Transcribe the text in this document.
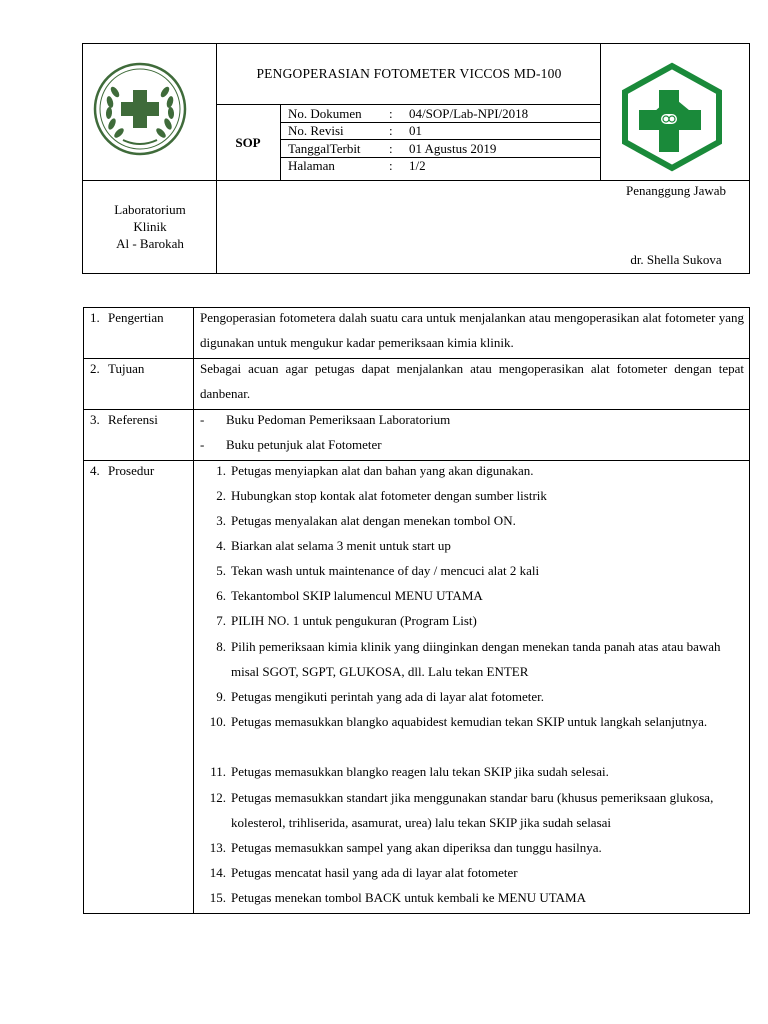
PENGOPERASIAN FOTOMETER VICCOS MD-100
SOP
No. Dokumen : 04/SOP/Lab-NPI/2018
No. Revisi	: 01
TanggalTerbit : 01 Agustus 2019
Halaman	: 1/2
Laboratorium
Klinik
Al - Barokah
Penanggung Jawab
dr. Shella Sukova
1. Pengertian	Pengoperasian fotometera dalah suatu cara untuk menjalankan atau mengoperasikan alat fotometer yang digunakan untuk mengukur kadar pemeriksaan kimia klinik.
2. Tujuan	Sebagai acuan agar petugas dapat menjalankan atau mengoperasikan alat fotometer dengan tepat danbenar.
3. Referensi	- Buku Pedoman Pemeriksaan Laboratorium
- Buku petunjuk alat Fotometer
4. Prosedur	1. Petugas menyiapkan alat dan bahan yang akan digunakan.
2. Hubungkan stop kontak alat fotometer dengan sumber listrik
3. Petugas menyalakan alat dengan menekan tombol ON.
4. Biarkan alat selama 3 menit untuk start up
5. Tekan wash untuk maintenance of day / mencuci alat 2 kali
6. Tekantombol SKIP lalumencul MENU UTAMA
7. PILIH NO. 1 untuk pengukuran (Program List)
8. Pilih pemeriksaan kimia klinik yang diinginkan dengan menekan tanda panah atas atau bawah misal SGOT, SGPT, GLUKOSA, dll. Lalu tekan ENTER
9. Petugas mengikuti perintah yang ada di layar alat fotometer.
10. Petugas memasukkan blangko aquabidest kemudian tekan SKIP untuk langkah selanjutnya.
11. Petugas memasukkan blangko reagen lalu tekan SKIP jika sudah selesai.
12. Petugas memasukkan standart jika menggunakan standar baru (khusus pemeriksaan glukosa, kolesterol, trihliserida, asamurat, urea) lalu tekan SKIP jika sudah selasai
13. Petugas memasukkan sampel yang akan diperiksa dan tunggu hasilnya.
14. Petugas mencatat hasil yang ada di layar alat fotometer
15. Petugas menekan tombol BACK untuk kembali ke MENU UTAMA
